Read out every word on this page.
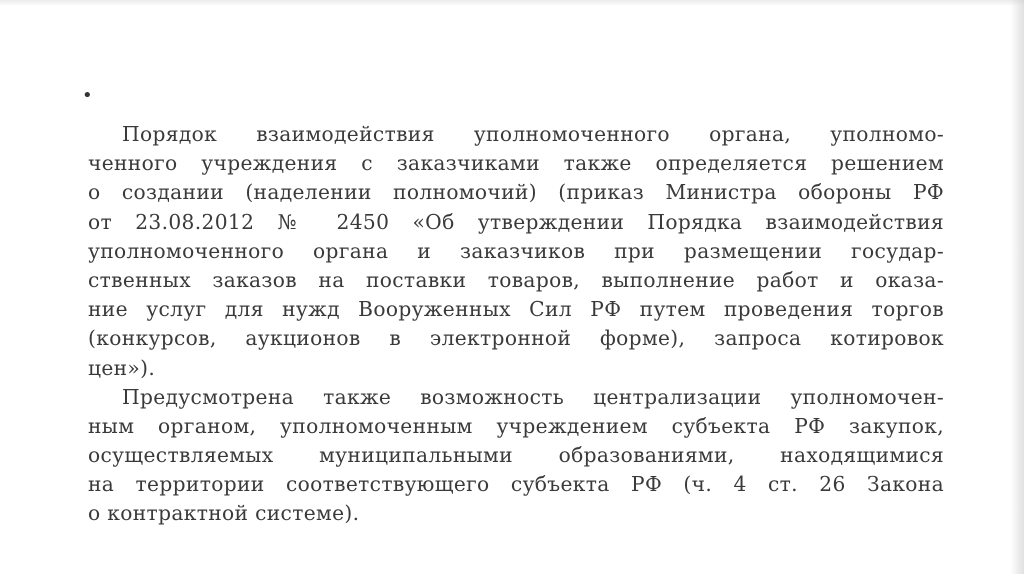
•
Порядок взаимодействия уполномоченного органа, уполномо-
ченного учреждения с заказчиками также определяется решением
о создании (наделении полномочий) (приказ Министра обороны РФ
от 23.08.2012 № 2450 «Об утверждении Порядка взаимодействия
уполномоченного органа и заказчиков при размещении государ-
ственных заказов на поставки товаров, выполнение работ и оказа-
ние услуг для нужд Вооруженных Сил РФ путем проведения торгов
(конкурсов, аукционов в электронной форме), запроса котировок
цен»).
Предусмотрена также возможность централизации уполномочен-
ным органом, уполномоченным учреждением субъекта РФ закупок,
осуществляемых муниципальными образованиями, находящимися
на территории соответствующего субъекта РФ (ч. 4 ст. 26 Закона
о контрактной системе).
